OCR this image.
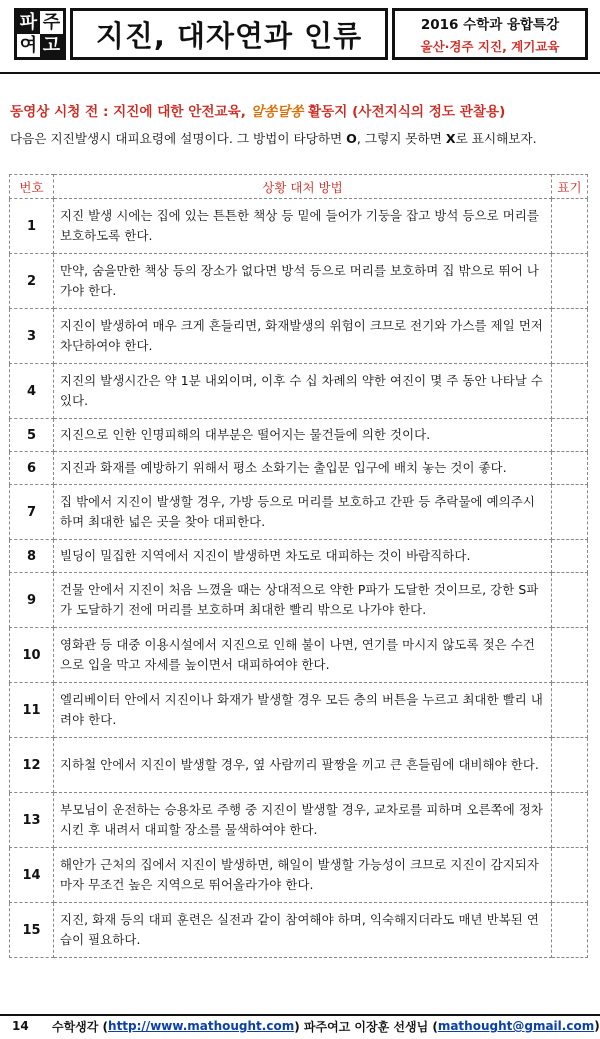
파 주
여 고 지진, 대자연과 인류	2016 수학과 융합특강
울산·경주 지진, 계기교육
동영상 시청 전 : 지진에 대한 안전교육, 알쏭달쏭 활동지 (사전지식의 정도 관찰용)
다음은 지진발생시 대피요령에 설명이다. 그 방법이 타당하면 O, 그렇지 못하면 X로 표시해보자.
번호	상황 대처 방법	표기
1	지진 발생 시에는 집에 있는 튼튼한 책상 등 밑에 들어가 기둥을 잡고 방석 등으로 머리를 보호하도록 한다.	
2	만약, 숨을만한 책상 등의 장소가 없다면 방석 등으로 머리를 보호하며 집 밖으로 뛰어 나가야 한다.	
3	지진이 발생하여 매우 크게 흔들리면, 화재발생의 위험이 크므로 전기와 가스를 제일 먼저 차단하여야 한다.	
4	지진의 발생시간은 약 1분 내외이며, 이후 수 십 차례의 약한 여진이 몇 주 동안 나타날 수 있다.	
5	지진으로 인한 인명피해의 대부분은 떨어지는 물건들에 의한 것이다.	
6	지진과 화재를 예방하기 위해서 평소 소화기는 출입문 입구에 배치 놓는 것이 좋다.	
7	집 밖에서 지진이 발생할 경우, 가방 등으로 머리를 보호하고 간판 등 추락물에 예의주시하며 최대한 넓은 곳을 찾아 대피한다.	
8	빌딩이 밀집한 지역에서 지진이 발생하면 차도로 대피하는 것이 바람직하다.	
9	건물 안에서 지진이 처음 느꼈을 때는 상대적으로 약한 P파가 도달한 것이므로, 강한 S파가 도달하기 전에 머리를 보호하며 최대한 빨리 밖으로 나가야 한다.	
10	영화관 등 대중 이용시설에서 지진으로 인해 불이 나면, 연기를 마시지 않도록 젖은 수건으로 입을 막고 자세를 높이면서 대피하여야 한다.	
11	엘리베이터 안에서 지진이나 화재가 발생할 경우 모든 층의 버튼을 누르고 최대한 빨리 내려야 한다.	
12	지하철 안에서 지진이 발생할 경우, 옆 사람끼리 팔짱을 끼고 큰 흔들림에 대비해야 한다.	
13	부모님이 운전하는 승용차로 주행 중 지진이 발생할 경우, 교차로를 피하며 오른쪽에 정차시킨 후 내려서 대피할 장소를 물색하여야 한다.	
14	해안가 근처의 집에서 지진이 발생하면, 해일이 발생할 가능성이 크므로 지진이 감지되자마자 무조건 높은 지역으로 뛰어올라가야 한다.	
15	지진, 화재 등의 대피 훈련은 실전과 같이 참여해야 하며, 익숙해지더라도 매년 반복된 연습이 필요하다.	
14	수학생각 ( http://www.mathought.com ) 파주여고 이장훈 선생님 ( mathought@gmail.com )
